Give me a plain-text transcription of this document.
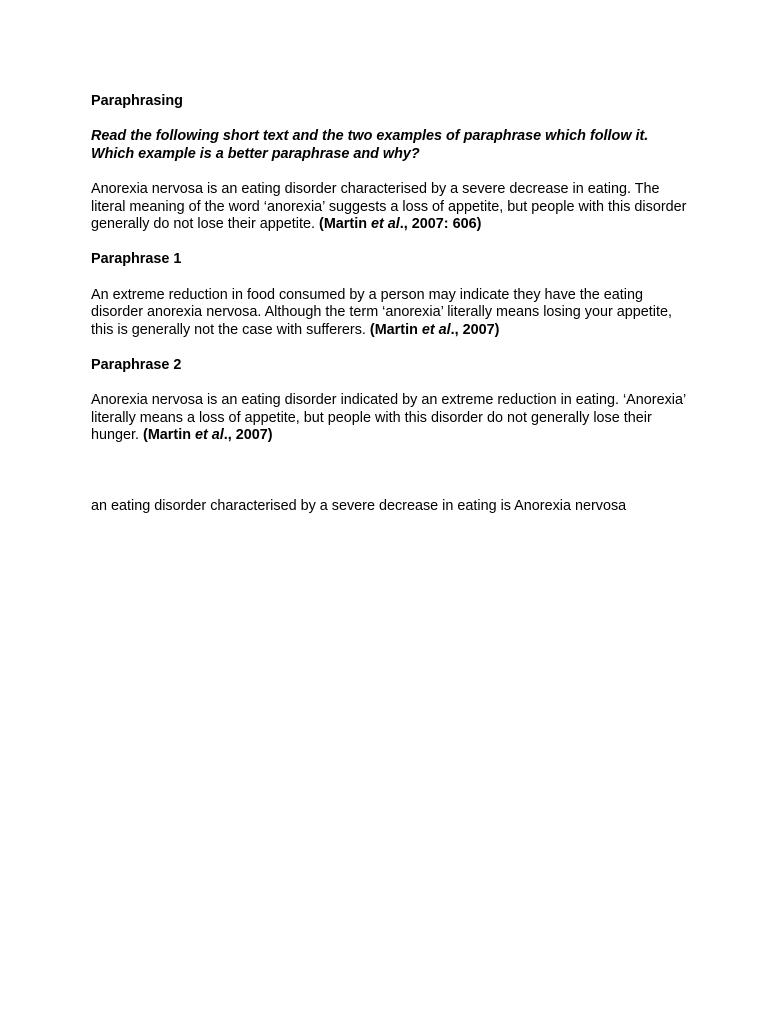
Paraphrasing

Read the following short text and the two examples of paraphrase which follow it. Which example is a better paraphrase and why?

Anorexia nervosa is an eating disorder characterised by a severe decrease in eating. The literal meaning of the word ‘anorexia’ suggests a loss of appetite, but people with this disorder generally do not lose their appetite. (Martin et al., 2007: 606)

Paraphrase 1

An extreme reduction in food consumed by a person may indicate they have the eating disorder anorexia nervosa. Although the term ‘anorexia’ literally means losing your appetite, this is generally not the case with sufferers. (Martin et al., 2007)

Paraphrase 2

Anorexia nervosa is an eating disorder indicated by an extreme reduction in eating. ‘Anorexia’ literally means a loss of appetite, but people with this disorder do not generally lose their hunger. (Martin et al., 2007)

an eating disorder characterised by a severe decrease in eating is Anorexia nervosa
